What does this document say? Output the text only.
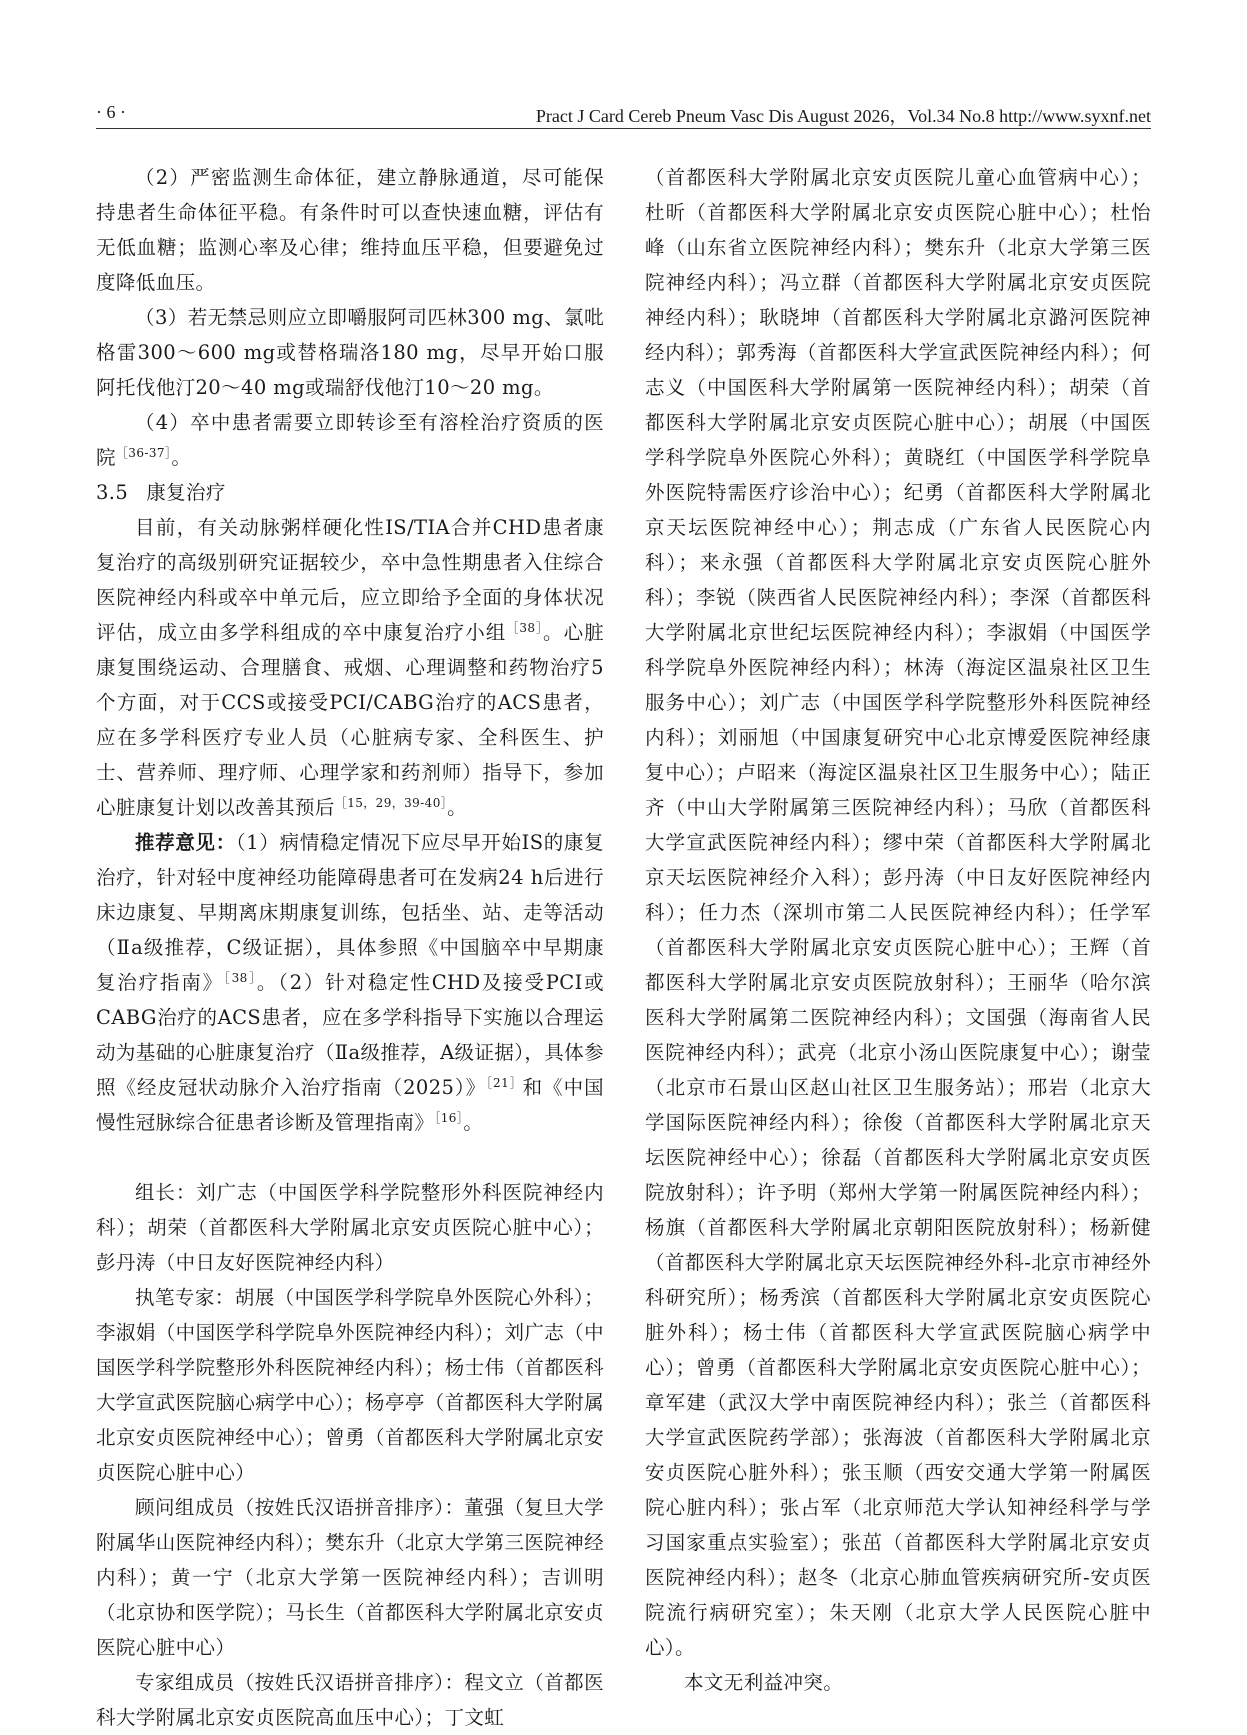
· 6 ·	Pract J Card Cereb Pneum Vasc Dis August 2026，Vol.34 No.8 http://www.syxnf.net

（2）严密监测生命体征，建立静脉通道，尽可能保持患者生命体征平稳。有条件时可以查快速血糖，评估有无低血糖；监测心率及心律；维持血压平稳，但要避免过度降低血压。

（3）若无禁忌则应立即嚼服阿司匹林300 mg、氯吡格雷300～600 mg或替格瑞洛180 mg，尽早开始口服阿托伐他汀20～40 mg或瑞舒伐他汀10～20 mg。

（4）卒中患者需要立即转诊至有溶栓治疗资质的医院$^{[36-37]}$。

3.5 康复治疗

目前，有关动脉粥样硬化性IS/TIA合并CHD患者康复治疗的高级别研究证据较少，卒中急性期患者入住综合医院神经内科或卒中单元后，应立即给予全面的身体状况评估，成立由多学科组成的卒中康复治疗小组$^{[38]}$。心脏康复围绕运动、合理膳食、戒烟、心理调整和药物治疗5个方面，对于CCS或接受PCI/CABG治疗的ACS患者，应在多学科医疗专业人员（心脏病专家、全科医生、护士、营养师、理疗师、心理学家和药剂师）指导下，参加心脏康复计划以改善其预后$^{[15,29,39-40]}$。

推荐意见：（1）病情稳定情况下应尽早开始IS的康复治疗，针对轻中度神经功能障碍患者可在发病24 h后进行床边康复、早期离床期康复训练，包括坐、站、走等活动（Ⅱa级推荐，C级证据），具体参照《中国脑卒中早期康复治疗指南》$^{[38]}$。（2）针对稳定性CHD及接受PCI或CABG治疗的ACS患者，应在多学科指导下实施以合理运动为基础的心脏康复治疗（Ⅱa级推荐，A级证据），具体参照《经皮冠状动脉介入治疗指南（2025）》$^{[21]}$和《中国慢性冠脉综合征患者诊断及管理指南》$^{[16]}$。

组长：刘广志（中国医学科学院整形外科医院神经内科）；胡荣（首都医科大学附属北京安贞医院心脏中心）；彭丹涛（中日友好医院神经内科）

执笔专家：胡展（中国医学科学院阜外医院心外科）；李淑娟（中国医学科学院阜外医院神经内科）；刘广志（中国医学科学院整形外科医院神经内科）；杨士伟（首都医科大学宣武医院脑心病学中心）；杨亭亭（首都医科大学附属北京安贞医院神经中心）；曾勇（首都医科大学附属北京安贞医院心脏中心）

顾问组成员（按姓氏汉语拼音排序）：董强（复旦大学附属华山医院神经内科）；樊东升（北京大学第三医院神经内科）；黄一宁（北京大学第一医院神经内科）；吉训明（北京协和医学院）；马长生（首都医科大学附属北京安贞医院心脏中心）

专家组成员（按姓氏汉语拼音排序）：程文立（首都医科大学附属北京安贞医院高血压中心）；丁文虹

（首都医科大学附属北京安贞医院儿童心血管病中心）；杜昕（首都医科大学附属北京安贞医院心脏中心）；杜怡峰（山东省立医院神经内科）；樊东升（北京大学第三医院神经内科）；冯立群（首都医科大学附属北京安贞医院神经内科）；耿晓坤（首都医科大学附属北京潞河医院神经内科）；郭秀海（首都医科大学宣武医院神经内科）；何志义（中国医科大学附属第一医院神经内科）；胡荣（首都医科大学附属北京安贞医院心脏中心）；胡展（中国医学科学院阜外医院心外科）；黄晓红（中国医学科学院阜外医院特需医疗诊治中心）；纪勇（首都医科大学附属北京天坛医院神经中心）；荆志成（广东省人民医院心内科）；来永强（首都医科大学附属北京安贞医院心脏外科）；李锐（陕西省人民医院神经内科）；李深（首都医科大学附属北京世纪坛医院神经内科）；李淑娟（中国医学科学院阜外医院神经内科）；林涛（海淀区温泉社区卫生服务中心）；刘广志（中国医学科学院整形外科医院神经内科）；刘丽旭（中国康复研究中心北京博爱医院神经康复中心）；卢昭来（海淀区温泉社区卫生服务中心）；陆正齐（中山大学附属第三医院神经内科）；马欣（首都医科大学宣武医院神经内科）；缪中荣（首都医科大学附属北京天坛医院神经介入科）；彭丹涛（中日友好医院神经内科）；任力杰（深圳市第二人民医院神经内科）；任学军（首都医科大学附属北京安贞医院心脏中心）；王辉（首都医科大学附属北京安贞医院放射科）；王丽华（哈尔滨医科大学附属第二医院神经内科）；文国强（海南省人民医院神经内科）；武亮（北京小汤山医院康复中心）；谢莹（北京市石景山区赵山社区卫生服务站）；邢岩（北京大学国际医院神经内科）；徐俊（首都医科大学附属北京天坛医院神经中心）；徐磊（首都医科大学附属北京安贞医院放射科）；许予明（郑州大学第一附属医院神经内科）；杨旗（首都医科大学附属北京朝阳医院放射科）；杨新健（首都医科大学附属北京天坛医院神经外科-北京市神经外科研究所）；杨秀滨（首都医科大学附属北京安贞医院心脏外科）；杨士伟（首都医科大学宣武医院脑心病学中心）；曾勇（首都医科大学附属北京安贞医院心脏中心）；章军建（武汉大学中南医院神经内科）；张兰（首都医科大学宣武医院药学部）；张海波（首都医科大学附属北京安贞医院心脏外科）；张玉顺（西安交通大学第一附属医院心脏内科）；张占军（北京师范大学认知神经科学与学习国家重点实验室）；张茁（首都医科大学附属北京安贞医院神经内科）；赵冬（北京心肺血管疾病研究所-安贞医院流行病研究室）；朱天刚（北京大学人民医院心脏中心）。

本文无利益冲突。
